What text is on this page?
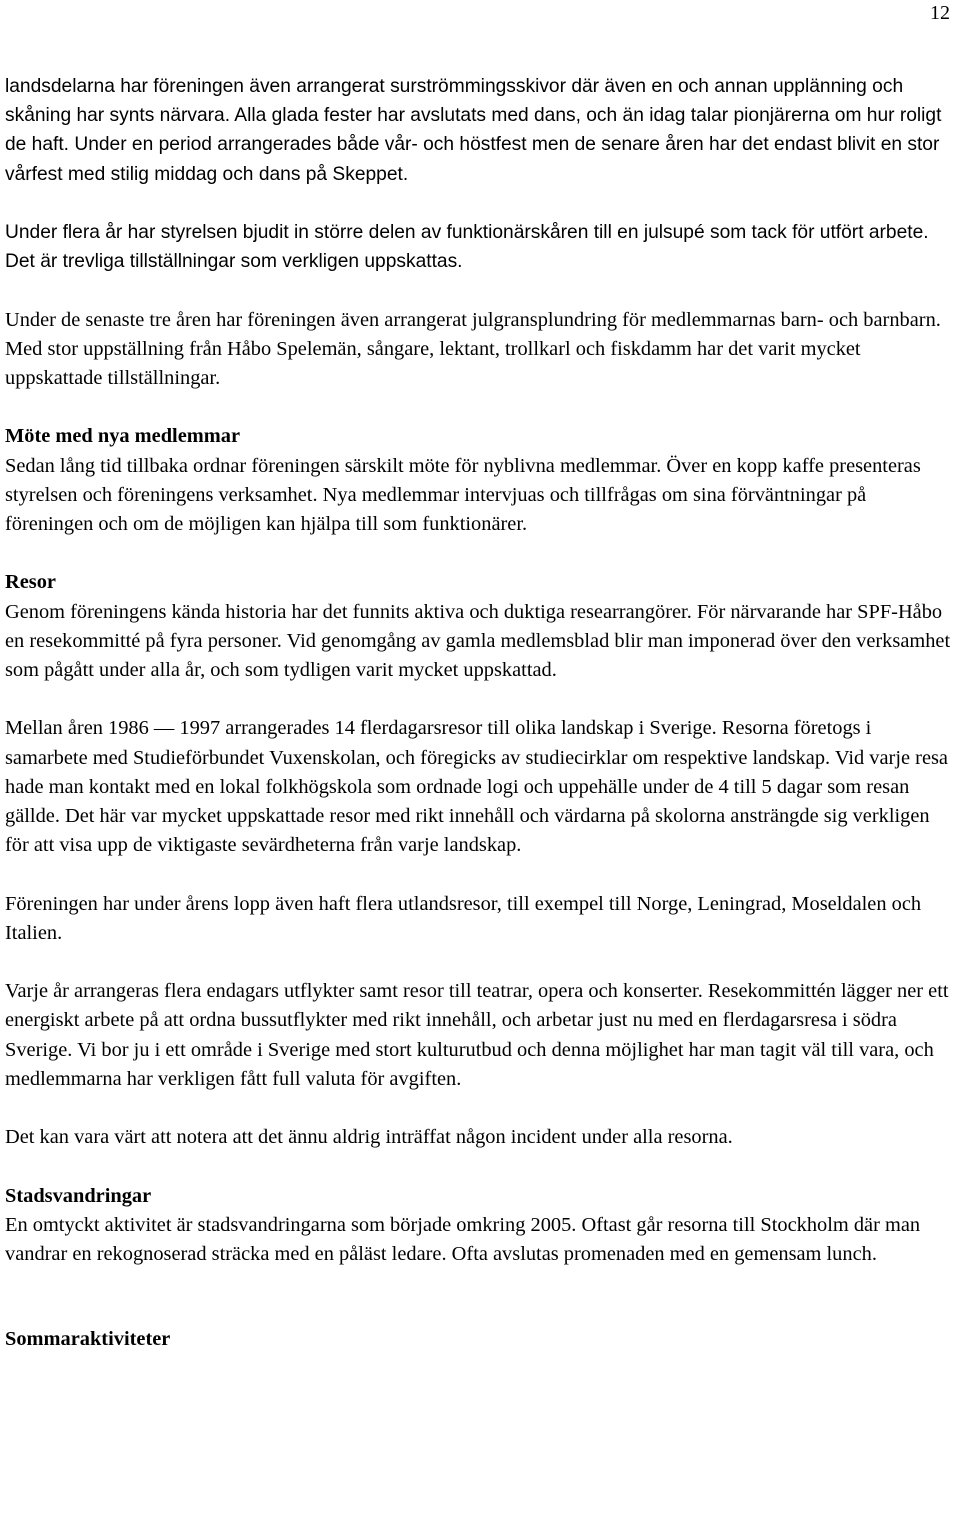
12

landsdelarna har föreningen även arrangerat surströmmingsskivor där även en och annan upplänning och skåning har synts närvara. Alla glada fester har avslutats med dans, och än idag talar pionjärerna om hur roligt de haft. Under en period arrangerades både vår- och höstfest men de senare åren har det endast blivit en stor vårfest med stilig middag och dans på Skeppet.

Under flera år har styrelsen bjudit in större delen av funktionärskåren till en julsupé som tack för utfört arbete. Det är trevliga tillställningar som verkligen uppskattas.

Under de senaste tre åren har föreningen även arrangerat julgransplundring för medlemmarnas barn- och barnbarn. Med stor uppställning från Håbo Spelemän, sångare, lektant, trollkarl och fiskdamm har det varit mycket uppskattade tillställningar.

Möte med nya medlemmar

Sedan lång tid tillbaka ordnar föreningen särskilt möte för nyblivna medlemmar. Över en kopp kaffe presenteras styrelsen och föreningens verksamhet. Nya medlemmar intervjuas och tillfrågas om sina förväntningar på föreningen och om de möjligen kan hjälpa till som funktionärer.

Resor

Genom föreningens kända historia har det funnits aktiva och duktiga researrangörer. För närvarande har SPF-Håbo en resekommitté på fyra personer. Vid genomgång av gamla medlemsblad blir man imponerad över den verksamhet som pågått under alla år, och som tydligen varit mycket uppskattad.

Mellan åren 1986 — 1997 arrangerades 14 flerdagarsresor till olika landskap i Sverige. Resorna företogs i samarbete med Studieförbundet Vuxenskolan, och föregicks av studiecirklar om respektive landskap. Vid varje resa hade man kontakt med en lokal folkhögskola som ordnade logi och uppehälle under de 4 till 5 dagar som resan gällde. Det här var mycket uppskattade resor med rikt innehåll och värdarna på skolorna ansträngde sig verkligen för att visa upp de viktigaste sevärdheterna från varje landskap.

Föreningen har under årens lopp även haft flera utlandsresor, till exempel till Norge, Leningrad, Moseldalen och Italien.

Varje år arrangeras flera endagars utflykter samt resor till teatrar, opera och konserter. Resekommittén lägger ner ett energiskt arbete på att ordna bussutflykter med rikt innehåll, och arbetar just nu med en flerdagarsresa i södra Sverige. Vi bor ju i ett område i Sverige med stort kulturutbud och denna möjlighet har man tagit väl till vara, och medlemmarna har verkligen fått full valuta för avgiften.

Det kan vara värt att notera att det ännu aldrig inträffat någon incident under alla resorna.

Stadsvandringar

En omtyckt aktivitet är stadsvandringarna som började omkring 2005. Oftast går resorna till Stockholm där man vandrar en rekognoserad sträcka med en påläst ledare. Ofta avslutas promenaden med en gemensam lunch.

Sommaraktiviteter
